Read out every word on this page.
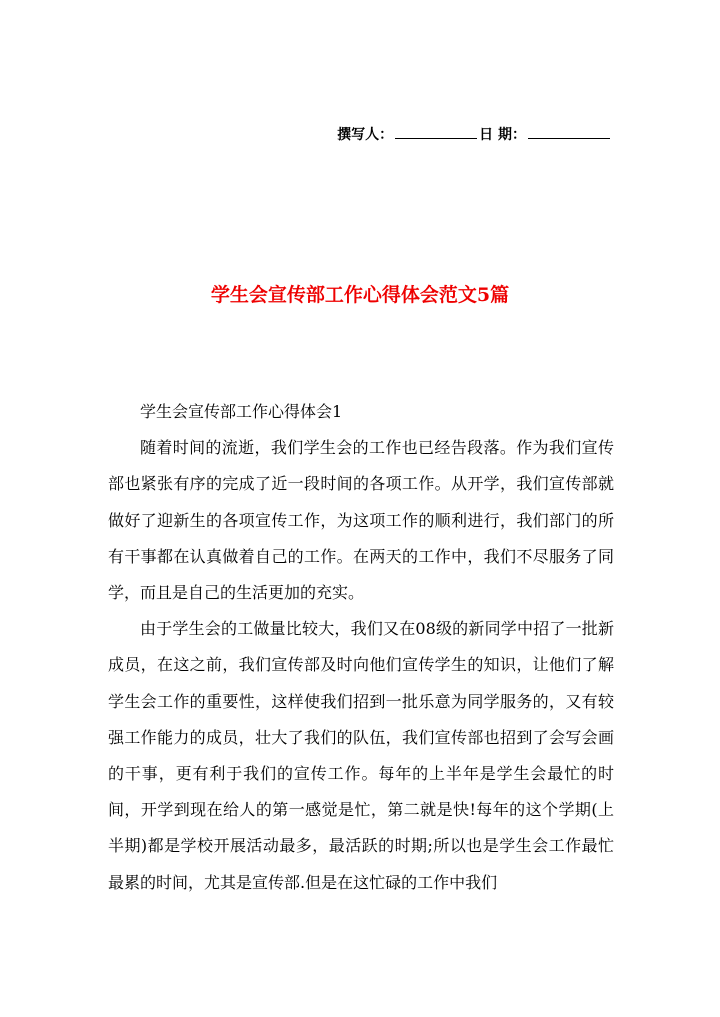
撰写人：	日 期：
学生会宣传部工作心得体会范文5篇

学生会宣传部工作心得体会1

随着时间的流逝，我们学生会的工作也已经告段落。作为我们宣传部也紧张有序的完成了近一段时间的各项工作。从开学，我们宣传部就做好了迎新生的各项宣传工作，为这项工作的顺利进行，我们部门的所有干事都在认真做着自己的工作。在两天的工作中，我们不尽服务了同学，而且是自己的生活更加的充实。

由于学生会的工做量比较大，我们又在08级的新同学中招了一批新成员，在这之前，我们宣传部及时向他们宣传学生的知识，让他们了解学生会工作的重要性，这样使我们招到一批乐意为同学服务的，又有较强工作能力的成员，壮大了我们的队伍，我们宣传部也招到了会写会画的干事，更有利于我们的宣传工作。每年的上半年是学生会最忙的时间，开学到现在给人的第一感觉是忙，第二就是快!每年的这个学期(上半期)都是学校开展活动最多，最活跃的时期;所以也是学生会工作最忙最累的时间，尤其是宣传部.但是在这忙碌的工作中我们
